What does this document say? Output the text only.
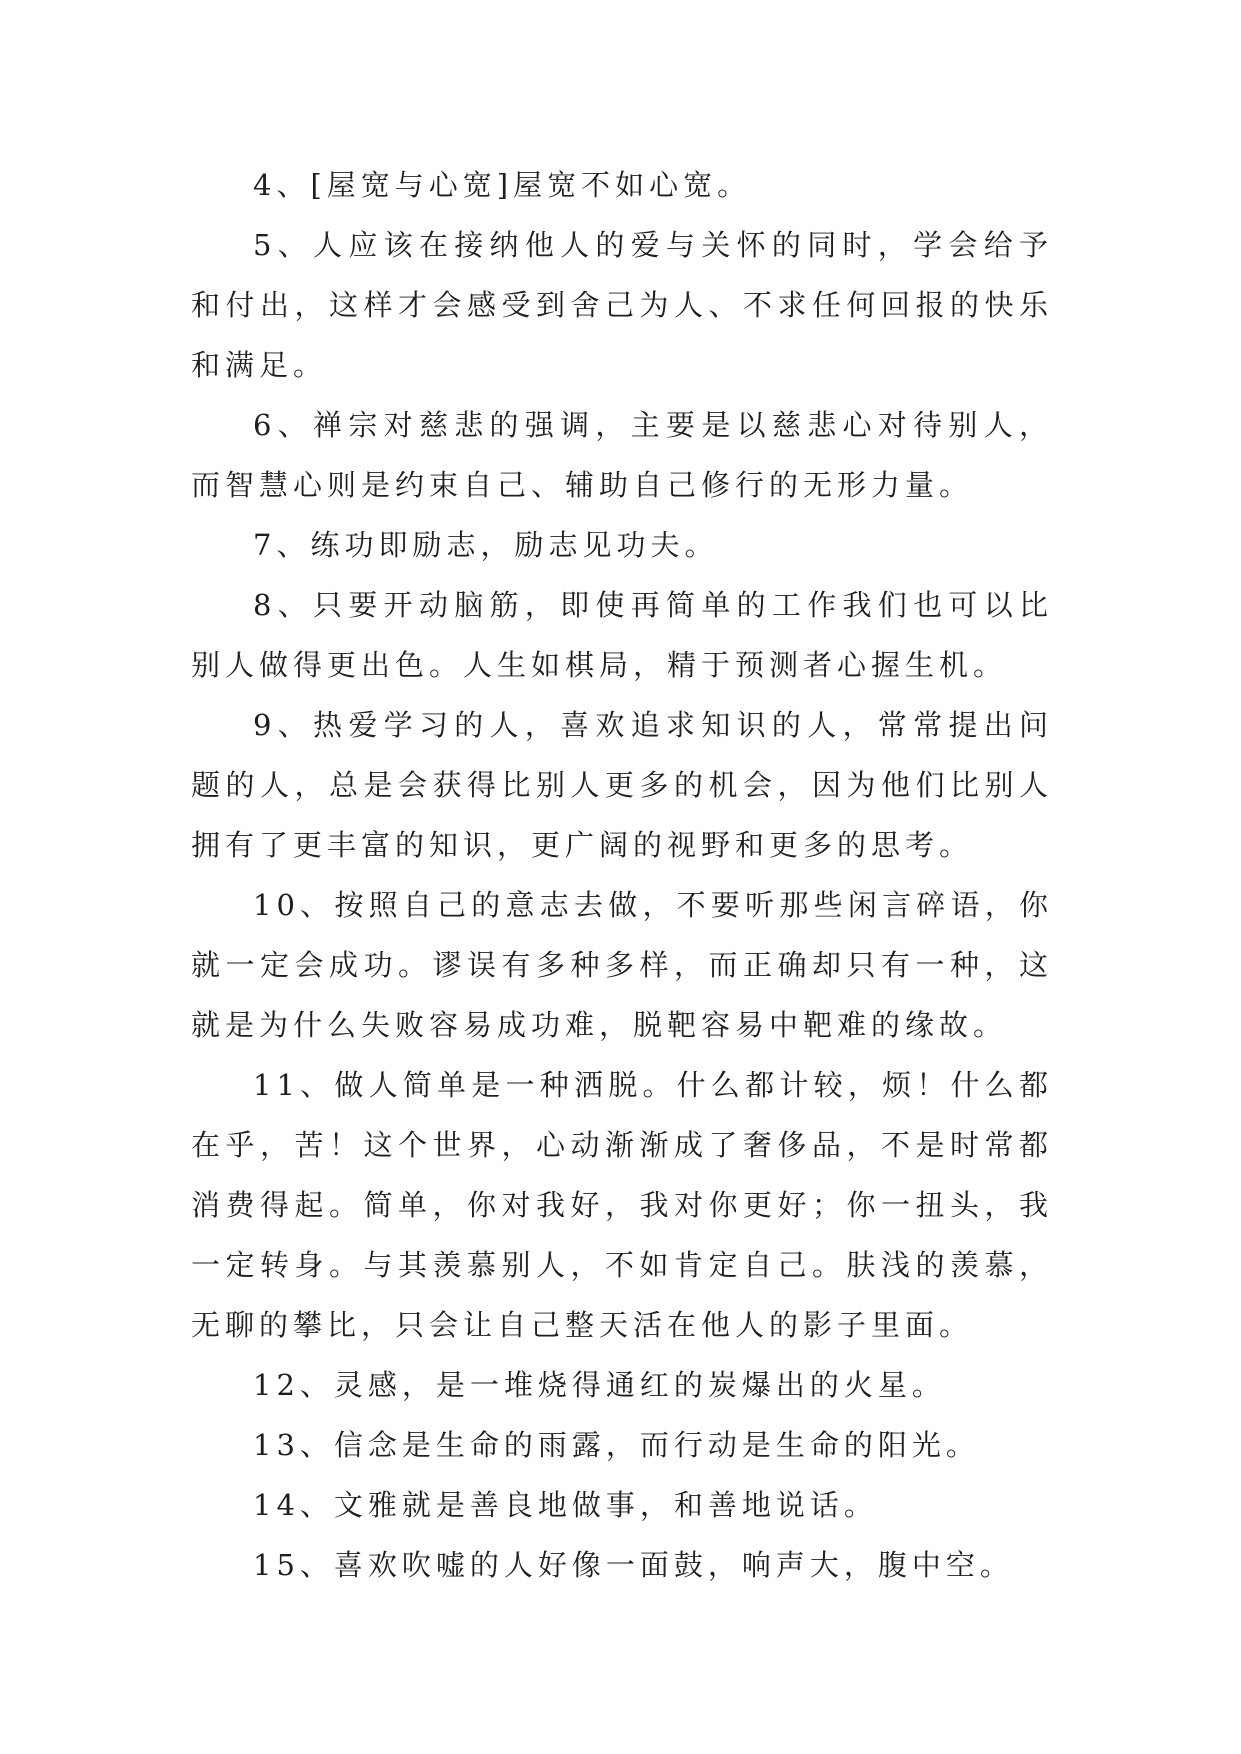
4、[屋宽与心宽]屋宽不如心宽。

5、人应该在接纳他人的爱与关怀的同时，学会给予和付出，这样才会感受到舍己为人、不求任何回报的快乐和满足。

6、禅宗对慈悲的强调，主要是以慈悲心对待别人，而智慧心则是约束自己、辅助自己修行的无形力量。

7、练功即励志，励志见功夫。

8、只要开动脑筋，即使再简单的工作我们也可以比别人做得更出色。人生如棋局，精于预测者心握生机。

9、热爱学习的人，喜欢追求知识的人，常常提出问题的人，总是会获得比别人更多的机会，因为他们比别人拥有了更丰富的知识，更广阔的视野和更多的思考。

10、按照自己的意志去做，不要听那些闲言碎语，你就一定会成功。谬误有多种多样，而正确却只有一种，这就是为什么失败容易成功难，脱靶容易中靶难的缘故。

11、做人简单是一种洒脱。什么都计较，烦！什么都在乎，苦！这个世界，心动渐渐成了奢侈品，不是时常都消费得起。简单，你对我好，我对你更好；你一扭头，我一定转身。与其羡慕别人，不如肯定自己。肤浅的羡慕，无聊的攀比，只会让自己整天活在他人的影子里面。

12、灵感，是一堆烧得通红的炭爆出的火星。

13、信念是生命的雨露，而行动是生命的阳光。

14、文雅就是善良地做事，和善地说话。

15、喜欢吹嘘的人好像一面鼓，响声大，腹中空。
